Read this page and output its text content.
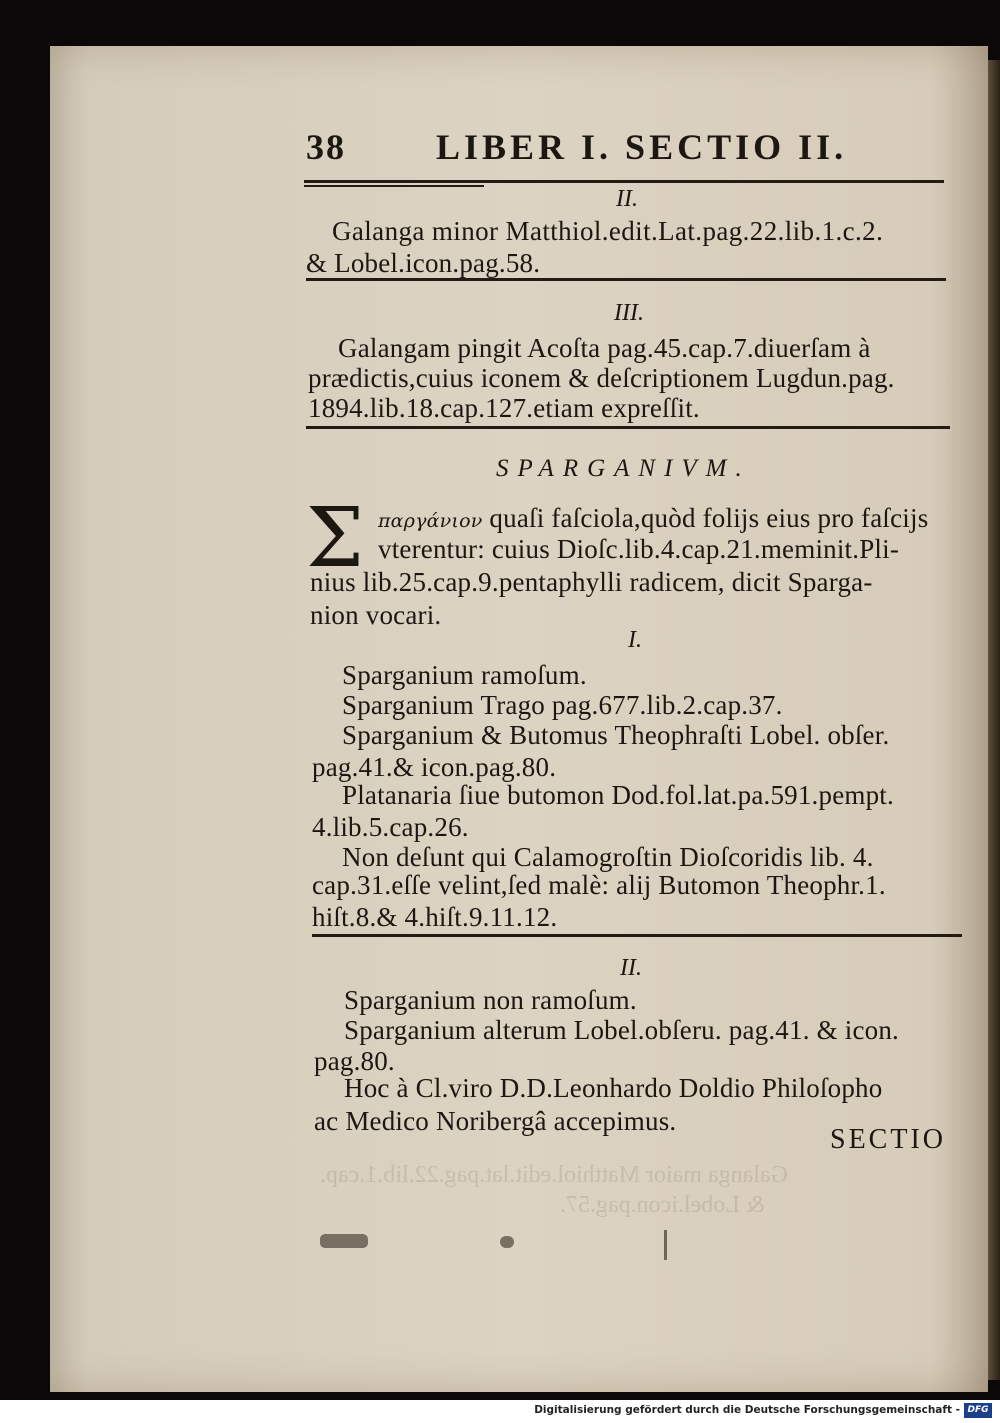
Galanga maior Matthiol.edit.lat.pag.22.lib.1.cap.
& Lobel.icon.pag.57.
38	LIBER I. SECTIO II.
II.
Galanga minor Matthiol.edit.Lat.pag.22.lib.1.c.2.
& Lobel.icon.pag.58.
III.
Galangam pingit Acoſta pag.45.cap.7.diuerſam à
prædictis,cuius iconem & deſcriptionem Lugdun.pag.
1894.lib.18.cap.127.etiam expreſſit.
SPARGANIVM.
Σ παργάνιον quaſi faſciola,quòd folijs eius pro faſcijs
vterentur: cuius Dioſc.lib.4.cap.21.meminit.Pli-
nius lib.25.cap.9.pentaphylli radicem, dicit Sparga-
nion vocari.
I.
Sparganium ramoſum.
Sparganium Trago pag.677.lib.2.cap.37.
Sparganium & Butomus Theophraſti Lobel. obſer.
pag.41.& icon.pag.80.
Platanaria ſiue butomon Dod.fol.lat.pa.591.pempt.
4.lib.5.cap.26.
Non deſunt qui Calamogroſtin Dioſcoridis lib. 4.
cap.31.eſſe velint,ſed malè: alij Butomon Theophr.1.
hiſt.8.& 4.hiſt.9.11.12.
II.
Sparganium non ramoſum.
Sparganium alterum Lobel.obſeru. pag.41. & icon.
pag.80.
Hoc à Cl.viro D.D.Leonhardo Doldio Philoſopho
ac Medico Noribergâ accepimus.
SECTIO
Digitalisierung gefördert durch die Deutsche Forschungsgemeinschaft - DFG
